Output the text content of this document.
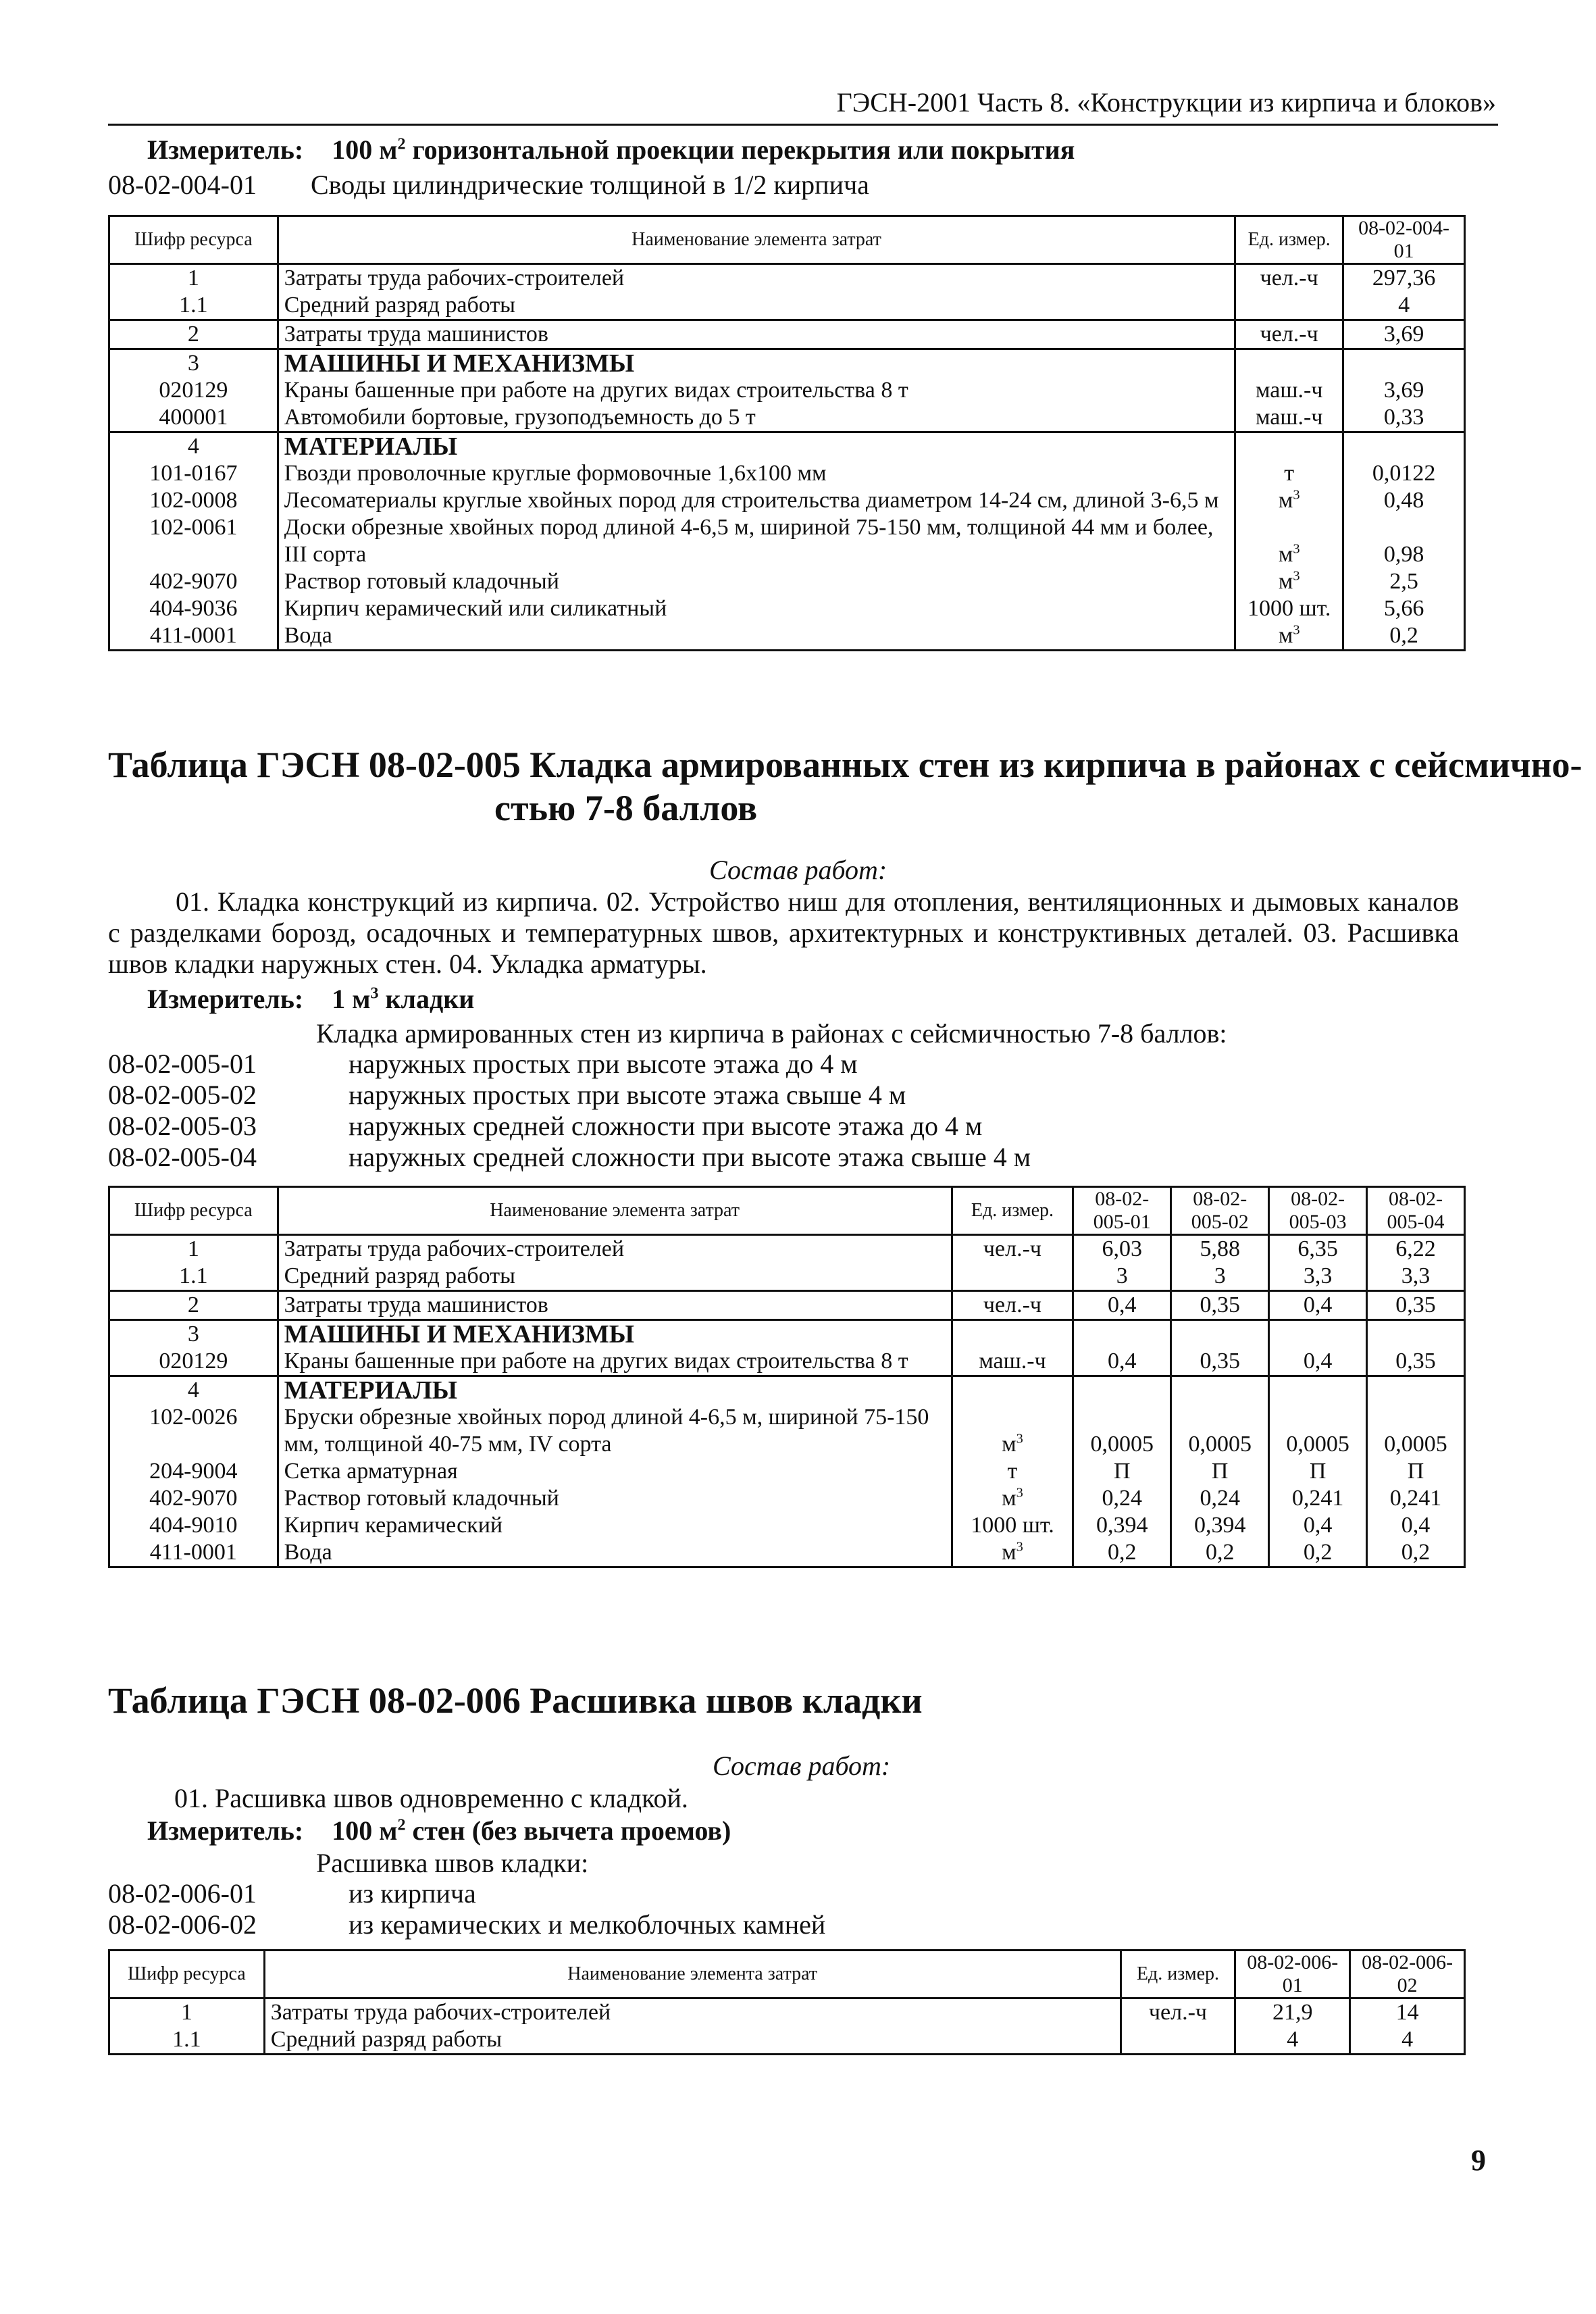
ГЭСН-2001 Часть 8. «Конструкции из кирпича и блоков»
Измеритель: 100 $м^2$ горизонтальной проекции перекрытия или покрытия
08-02-004-01	Своды цилиндрические толщиной в 1/2 кирпича
Шифр ресурса	Наименование элемента затрат	Ед. измер.	08-02-004-01
1	Затраты труда рабочих-строителей	чел.-ч	297,36
1.1	Средний разряд работы		4
2	Затраты труда машинистов	чел.-ч	3,69
3	МАШИНЫ И МЕХАНИЗМЫ		
020129	Краны башенные при работе на других видах строительства 8 т	маш.-ч	3,69
400001	Автомобили бортовые, грузоподъемность до 5 т	маш.-ч	0,33
4	МАТЕРИАЛЫ		
101-0167	Гвозди проволочные круглые формовочные 1,6х100 мм	т	0,0122
102-0008	Лесоматериалы круглые хвойных пород для строительства диаметром 14-24 см, длиной 3-6,5 м	$м^3$	0,48
102-0061	Доски обрезные хвойных пород длиной 4-6,5 м, шириной 75-150 мм, толщиной 44 мм и более, III сорта	$м^3$	0,98
402-9070	Раствор готовый кладочный	$м^3$	2,5
404-9036	Кирпич керамический или силикатный	1000 шт.	5,66
411-0001	Вода	$м^3$	0,2
Таблица ГЭСН 08-02-005 Кладка армированных стен из кирпича в районах с сейсмично-
стью 7-8 баллов
Состав работ:
01. Кладка конструкций из кирпича. 02. Устройство ниш для отопления, вентиляционных и дымовых каналов с разделками борозд, осадочных и температурных швов, архитектурных и конструктивных деталей. 03. Расшивка швов кладки наружных стен. 04. Укладка арматуры.
Измеритель: 1 $м^3$ кладки
Кладка армированных стен из кирпича в районах с сейсмичностью 7-8 баллов:
08-02-005-01	наружных простых при высоте этажа до 4 м
08-02-005-02	наружных простых при высоте этажа свыше 4 м
08-02-005-03	наружных средней сложности при высоте этажа до 4 м
08-02-005-04	наружных средней сложности при высоте этажа свыше 4 м
Шифр ресурса	Наименование элемента затрат	Ед. измер.	08-02-005-01	08-02-005-02	08-02-005-03	08-02-005-04
1	Затраты труда рабочих-строителей	чел.-ч	6,03	5,88	6,35	6,22
1.1	Средний разряд работы		3	3	3,3	3,3
2	Затраты труда машинистов	чел.-ч	0,4	0,35	0,4	0,35
3	МАШИНЫ И МЕХАНИЗМЫ					
020129	Краны башенные при работе на других видах строительства 8 т	маш.-ч	0,4	0,35	0,4	0,35
4	МАТЕРИАЛЫ					
102-0026	Бруски обрезные хвойных пород длиной 4-6,5 м, шириной 75-150 мм, толщиной 40-75 мм, IV сорта	$м^3$	0,0005	0,0005	0,0005	0,0005
204-9004	Сетка арматурная	т	П	П	П	П
402-9070	Раствор готовый кладочный	$м^3$	0,24	0,24	0,241	0,241
404-9010	Кирпич керамический	1000 шт.	0,394	0,394	0,4	0,4
411-0001	Вода	$м^3$	0,2	0,2	0,2	0,2
Таблица ГЭСН 08-02-006 Расшивка швов кладки
Состав работ:
01. Расшивка швов одновременно с кладкой.
Измеритель: 100 $м^2$ стен (без вычета проемов)
Расшивка швов кладки:
08-02-006-01	из кирпича
08-02-006-02	из керамических и мелкоблочных камней
Шифр ресурса	Наименование элемента затрат	Ед. измер.	08-02-006-01	08-02-006-02
1	Затраты труда рабочих-строителей	чел.-ч	21,9	14
1.1	Средний разряд работы		4	4
9
